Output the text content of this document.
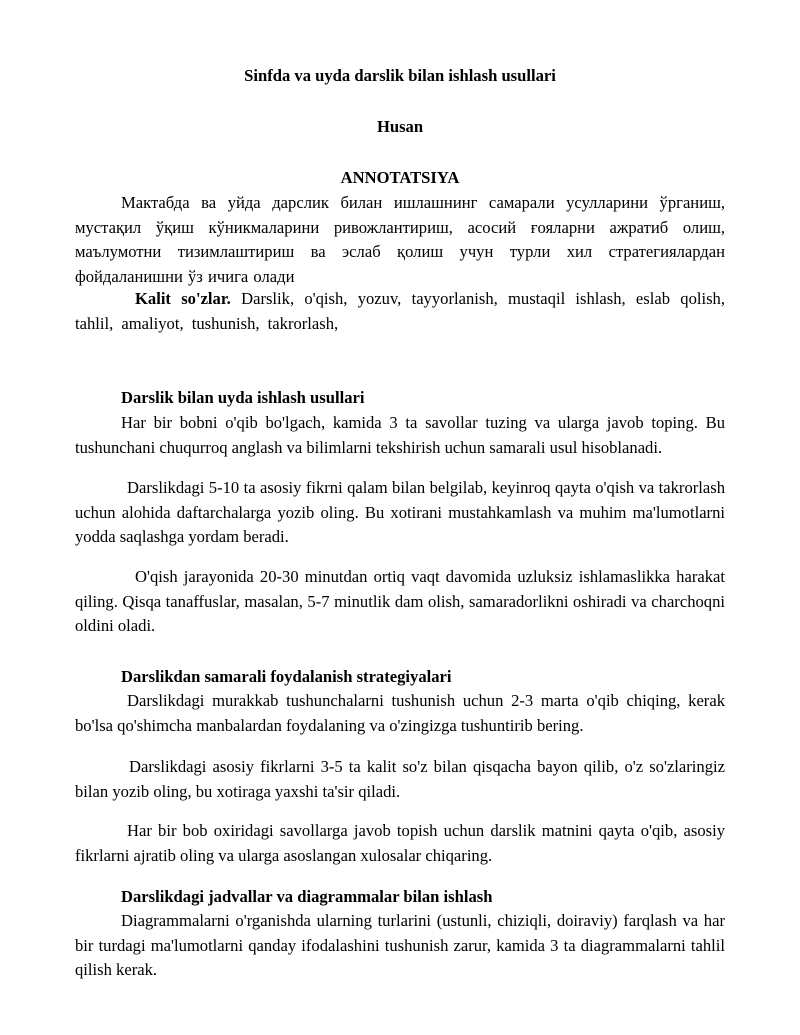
Sinfda va uyda darslik bilan ishlash usullari
Husan
ANNOTATSIYA

Мактабда ва уйда дарслик билан ишлашнинг самарали усулларини ўрганиш, мустақил ўқиш кўникмаларини ривожлантириш, асосий ғояларни ажратиб олиш, маълумотни тизимлаштириш ва эслаб қолиш учун турли хил стратегиялардан фойдаланишни ўз ичига олади

Kalit so'zlar. Darslik, o'qish, yozuv, tayyorlanish, mustaqil ishlash, eslab qolish, tahlil, amaliyot, tushunish, takrorlash,

Darslik bilan uyda ishlash usullari

Har bir bobni o'qib bo'lgach, kamida 3 ta savollar tuzing va ularga javob toping. Bu tushunchani chuqurroq anglash va bilimlarni tekshirish uchun samarali usul hisoblanadi.

Darslikdagi 5-10 ta asosiy fikrni qalam bilan belgilab, keyinroq qayta o'qish va takrorlash uchun alohida daftarchalarga yozib oling. Bu xotirani mustahkamlash va muhim ma'lumotlarni yodda saqlashga yordam beradi.

O'qish jarayonida 20-30 minutdan ortiq vaqt davomida uzluksiz ishlamaslikka harakat qiling. Qisqa tanaffuslar, masalan, 5-7 minutlik dam olish, samaradorlikni oshiradi va charchoqni oldini oladi.

Darslikdan samarali foydalanish strategiyalari

Darslikdagi murakkab tushunchalarni tushunish uchun 2-3 marta o'qib chiqing, kerak bo'lsa qo'shimcha manbalardan foydalaning va o'zingizga tushuntirib bering.

Darslikdagi asosiy fikrlarni 3-5 ta kalit so'z bilan qisqacha bayon qilib, o'z so'zlaringiz bilan yozib oling, bu xotiraga yaxshi ta'sir qiladi.

Har bir bob oxiridagi savollarga javob topish uchun darslik matnini qayta o'qib, asosiy fikrlarni ajratib oling va ularga asoslangan xulosalar chiqaring.

Darslikdagi jadvallar va diagrammalar bilan ishlash

Diagrammalarni o'rganishda ularning turlarini (ustunli, chiziqli, doiraviy) farqlash va har bir turdagi ma'lumotlarni qanday ifodalashini tushunish zarur, kamida 3 ta diagrammalarni tahlil qilish kerak.
